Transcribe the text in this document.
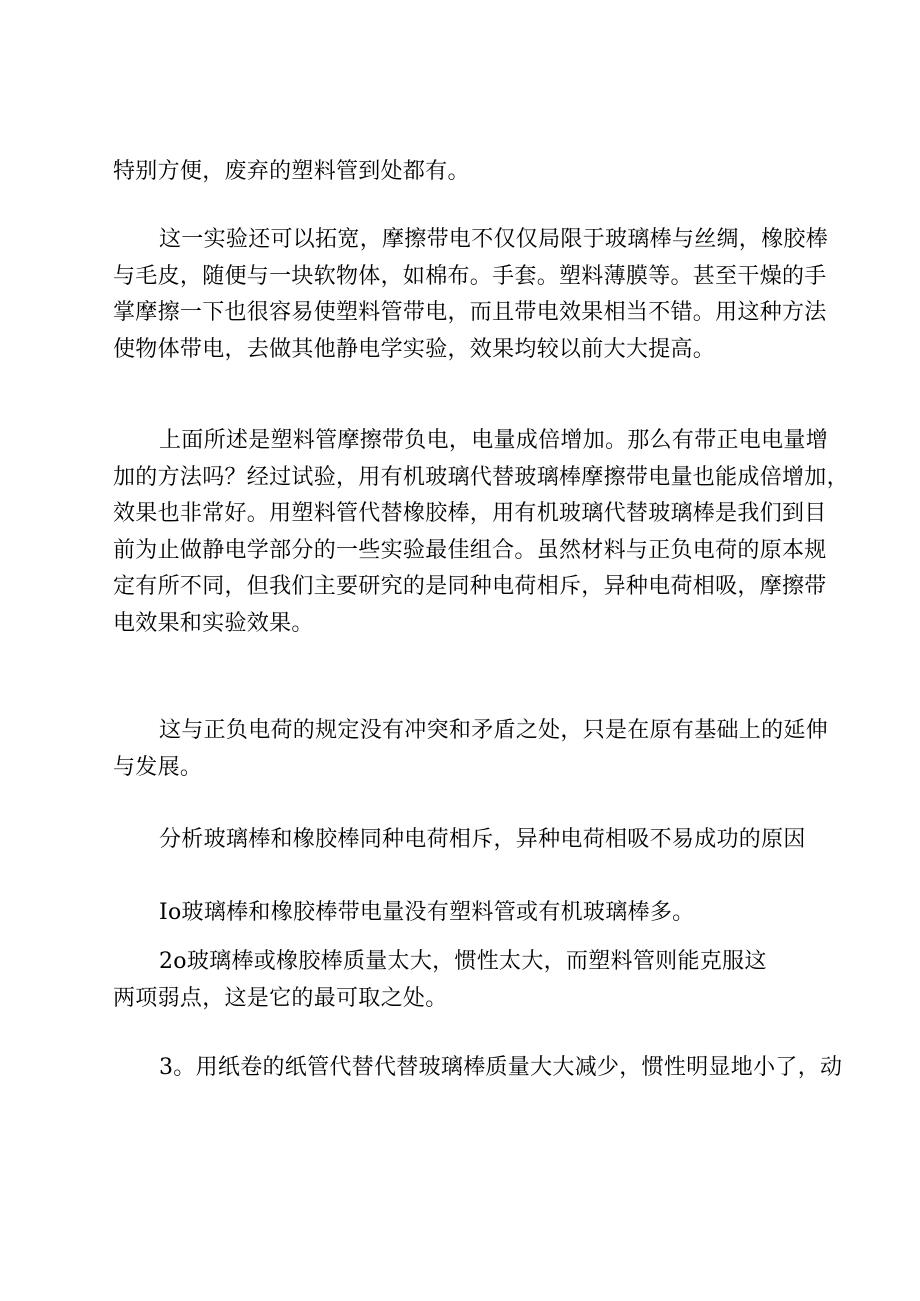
特别方便，废弃的塑料管到处都有。

这一实验还可以拓宽，摩擦带电不仅仅局限于玻璃棒与丝绸，橡胶棒
与毛皮，随便与一块软物体，如棉布。手套。塑料薄膜等。甚至干燥的手
掌摩擦一下也很容易使塑料管带电，而且带电效果相当不错。用这种方法
使物体带电，去做其他静电学实验，效果均较以前大大提高。

上面所述是塑料管摩擦带负电，电量成倍增加。那么有带正电电量增
加的方法吗？经过试验，用有机玻璃代替玻璃棒摩擦带电量也能成倍增加，
效果也非常好。用塑料管代替橡胶棒，用有机玻璃代替玻璃棒是我们到目
前为止做静电学部分的一些实验最佳组合。虽然材料与正负电荷的原本规
定有所不同，但我们主要研究的是同种电荷相斥，异种电荷相吸，摩擦带
电效果和实验效果。

这与正负电荷的规定没有冲突和矛盾之处，只是在原有基础上的延伸
与发展。

分析玻璃棒和橡胶棒同种电荷相斥，异种电荷相吸不易成功的原因

Io玻璃棒和橡胶棒带电量没有塑料管或有机玻璃棒多。

2o玻璃棒或橡胶棒质量太大，惯性太大，而塑料管则能克服这
两项弱点，这是它的最可取之处。

3。用纸卷的纸管代替代替玻璃棒质量大大减少，惯性明显地小了，动
